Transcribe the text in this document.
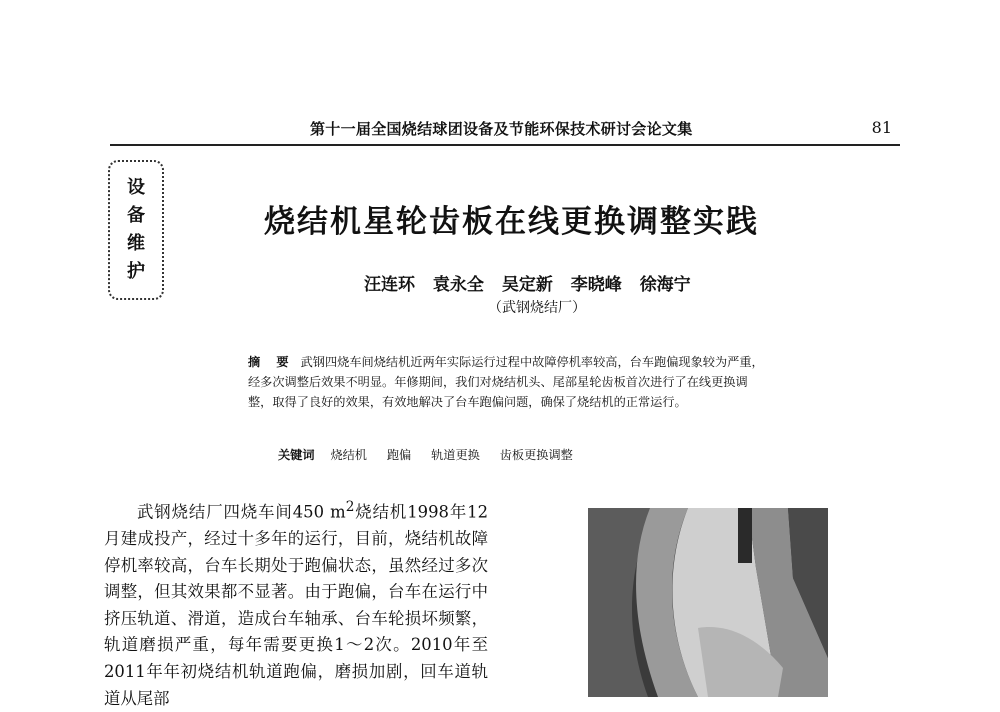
第十一届全国烧结球团设备及节能环保技术研讨会论文集	81
设
备
维
护
烧结机星轮齿板在线更换调整实践
汪连环 袁永全 吴定新 李晓峰 徐海宁
（武钢烧结厂）
摘 要 武钢四烧车间烧结机近两年实际运行过程中故障停机率较高，台车跑偏现象较为严重，经多次调整后效果不明显。年修期间，我们对烧结机头、尾部星轮齿板首次进行了在线更换调整，取得了良好的效果，有效地解决了台车跑偏问题，确保了烧结机的正常运行。
关键词 烧结机 跑偏 轨道更换 齿板更换调整
武钢烧结厂四烧车间450 $m^2$烧结机1998年12月建成投产，经过十多年的运行，目前，烧结机故障停机率较高，台车长期处于跑偏状态，虽然经过多次调整，但其效果都不显著。由于跑偏，台车在运行中挤压轨道、滑道，造成台车轴承、台车轮损坏频繁，轨道磨损严重，每年需要更换1～2次。2010年至2011年年初烧结机轨道跑偏，磨损加剧，回车道轨道从尾部
